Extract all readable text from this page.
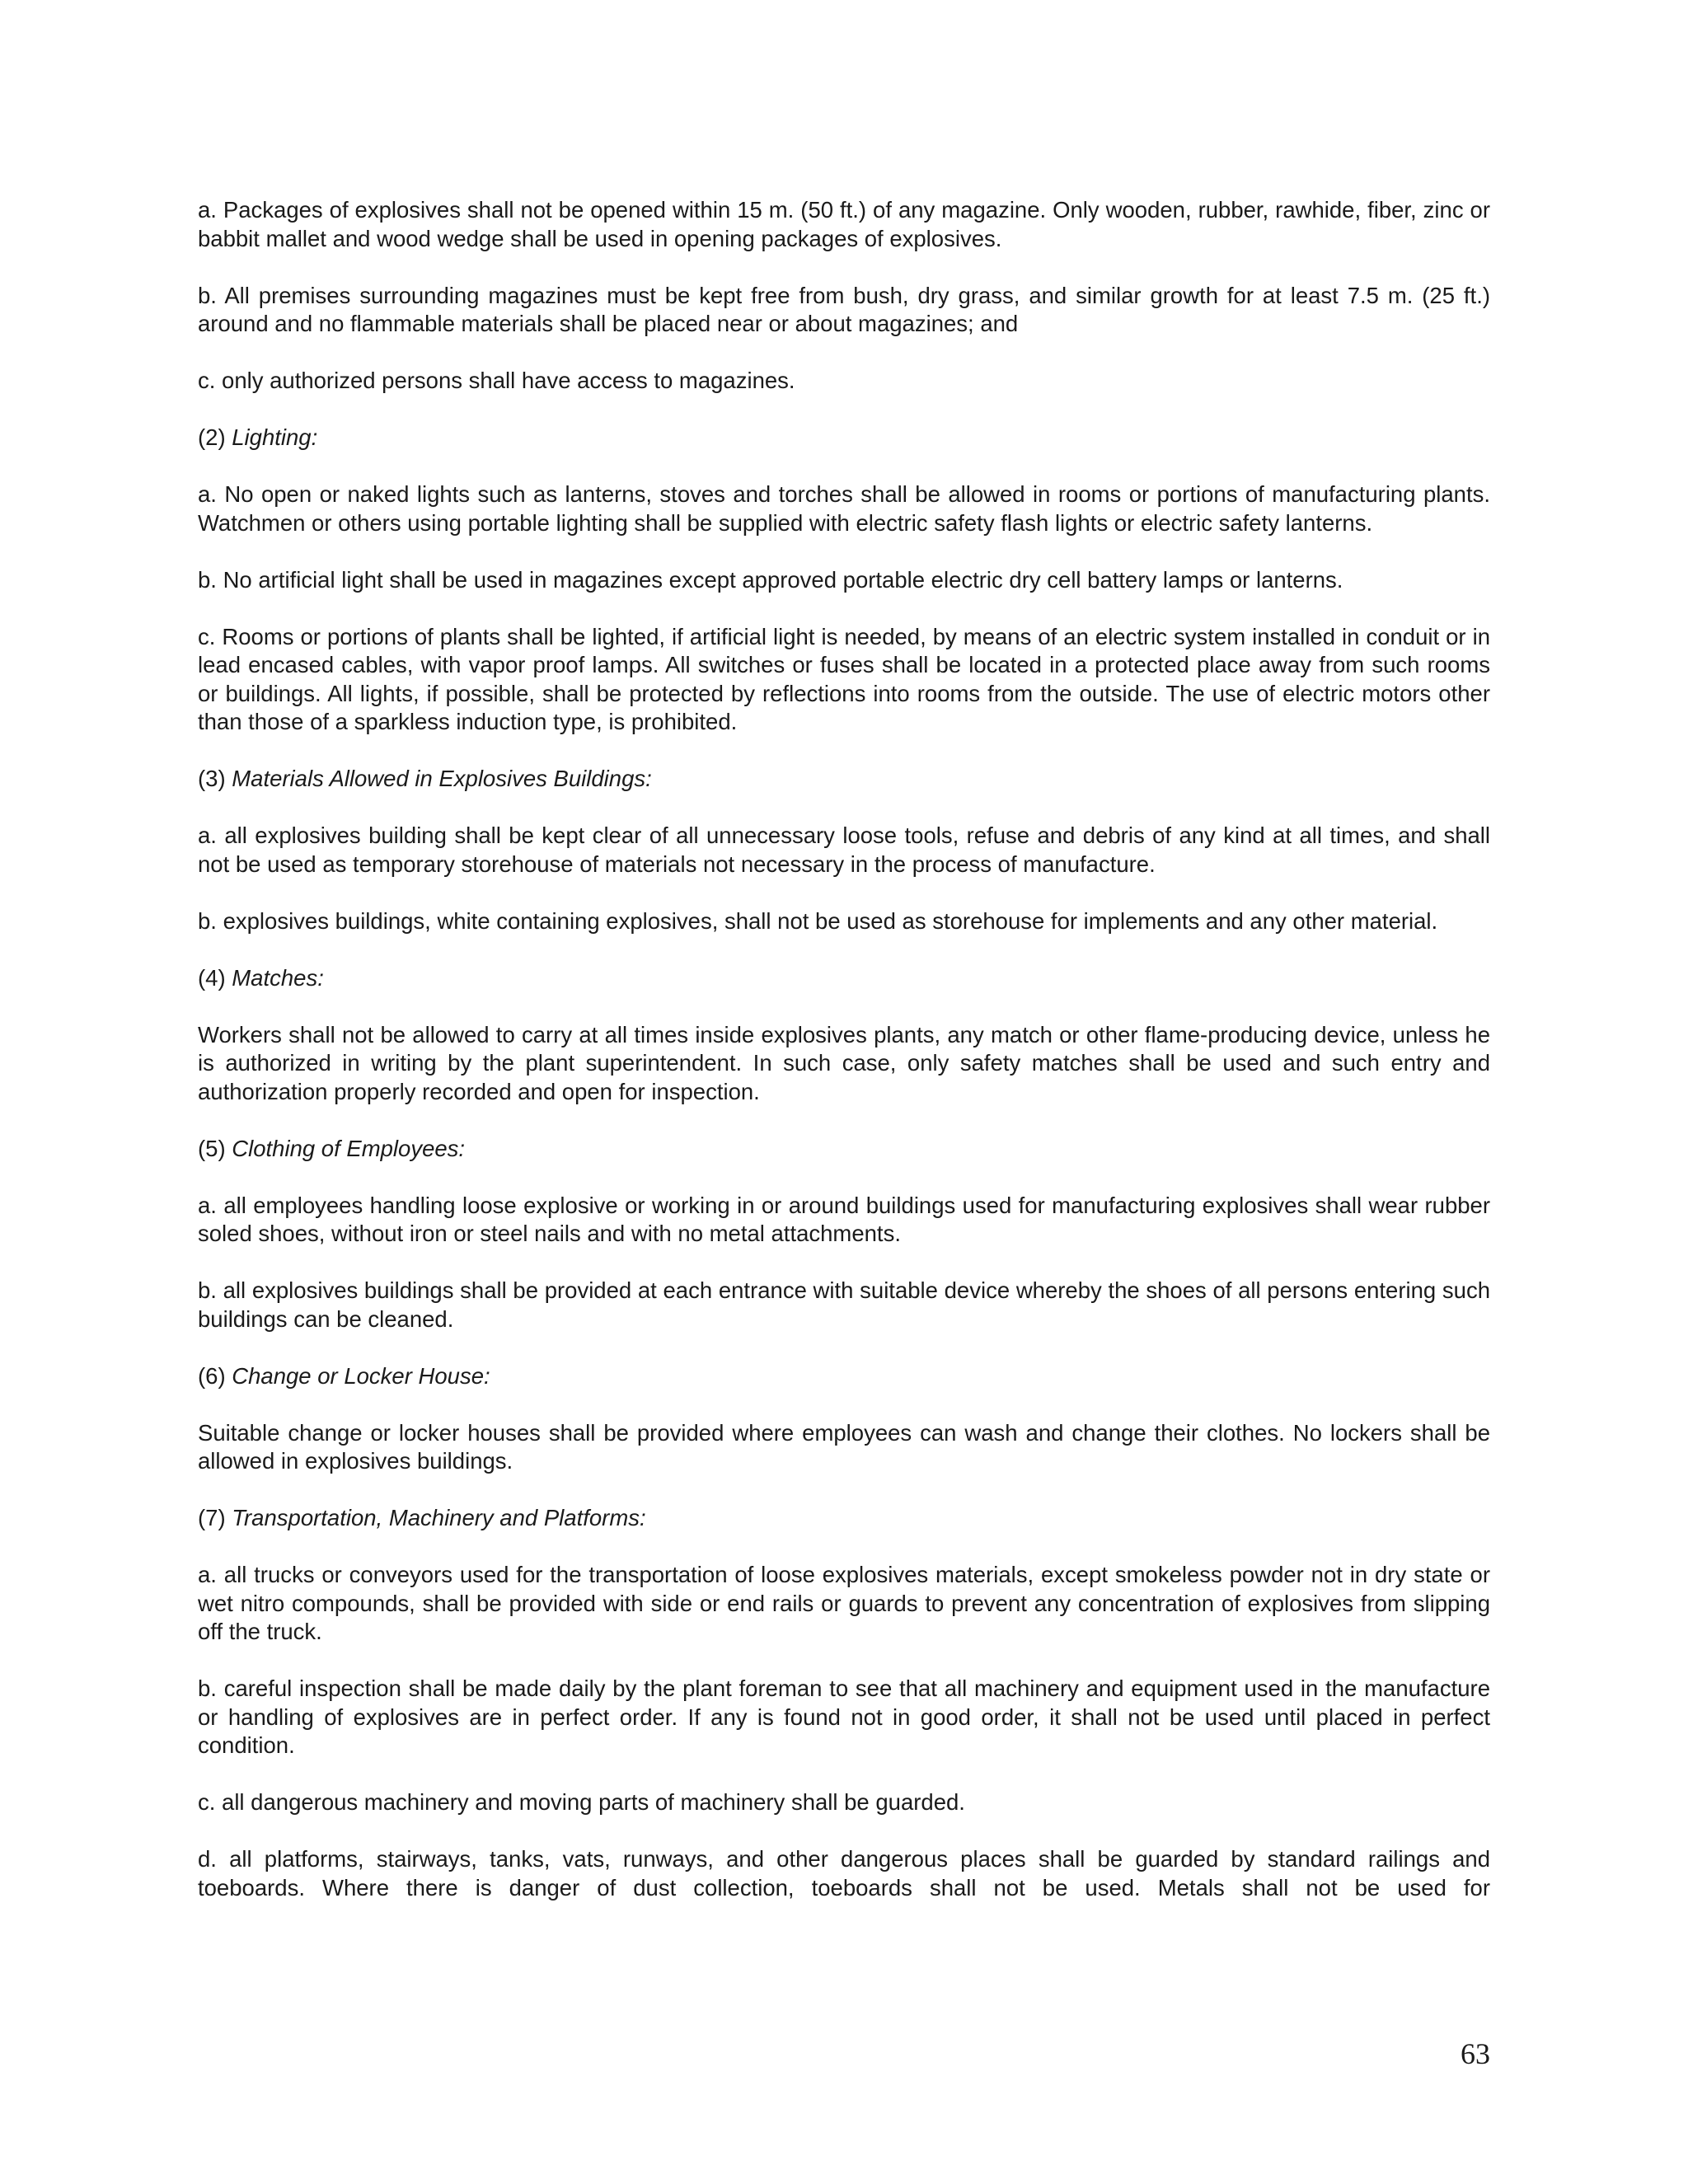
a. Packages of explosives shall not be opened within 15 m. (50 ft.) of any magazine. Only wooden, rubber, rawhide, fiber, zinc or babbit mallet and wood wedge shall be used in opening packages of explosives.

b. All premises surrounding magazines must be kept free from bush, dry grass, and similar growth for at least 7.5 m. (25 ft.) around and no flammable materials shall be placed near or about magazines; and

c. only authorized persons shall have access to magazines.

(2) Lighting:

a. No open or naked lights such as lanterns, stoves and torches shall be allowed in rooms or portions of manufacturing plants. Watchmen or others using portable lighting shall be supplied with electric safety flash lights or electric safety lanterns.

b. No artificial light shall be used in magazines except approved portable electric dry cell battery lamps or lanterns.

c. Rooms or portions of plants shall be lighted, if artificial light is needed, by means of an electric system installed in conduit or in lead encased cables, with vapor proof lamps. All switches or fuses shall be located in a protected place away from such rooms or buildings. All lights, if possible, shall be protected by reflections into rooms from the outside. The use of electric motors other than those of a sparkless induction type, is prohibited.

(3) Materials Allowed in Explosives Buildings:

a. all explosives building shall be kept clear of all unnecessary loose tools, refuse and debris of any kind at all times, and shall not be used as temporary storehouse of materials not necessary in the process of manufacture.

b. explosives buildings, white containing explosives, shall not be used as storehouse for implements and any other material.

(4) Matches:

Workers shall not be allowed to carry at all times inside explosives plants, any match or other flame-producing device, unless he is authorized in writing by the plant superintendent. In such case, only safety matches shall be used and such entry and authorization properly recorded and open for inspection.

(5) Clothing of Employees:

a. all employees handling loose explosive or working in or around buildings used for manufacturing explosives shall wear rubber soled shoes, without iron or steel nails and with no metal attachments.

b. all explosives buildings shall be provided at each entrance with suitable device whereby the shoes of all persons entering such buildings can be cleaned.

(6) Change or Locker House:

Suitable change or locker houses shall be provided where employees can wash and change their clothes. No lockers shall be allowed in explosives buildings.

(7) Transportation, Machinery and Platforms:

a. all trucks or conveyors used for the transportation of loose explosives materials, except smokeless powder not in dry state or wet nitro compounds, shall be provided with side or end rails or guards to prevent any concentration of explosives from slipping off the truck.

b. careful inspection shall be made daily by the plant foreman to see that all machinery and equipment used in the manufacture or handling of explosives are in perfect order. If any is found not in good order, it shall not be used until placed in perfect condition.

c. all dangerous machinery and moving parts of machinery shall be guarded.

d. all platforms, stairways, tanks, vats, runways, and other dangerous places shall be guarded by standard railings and toeboards. Where there is danger of dust collection, toeboards shall not be used. Metals shall not be used for

63
